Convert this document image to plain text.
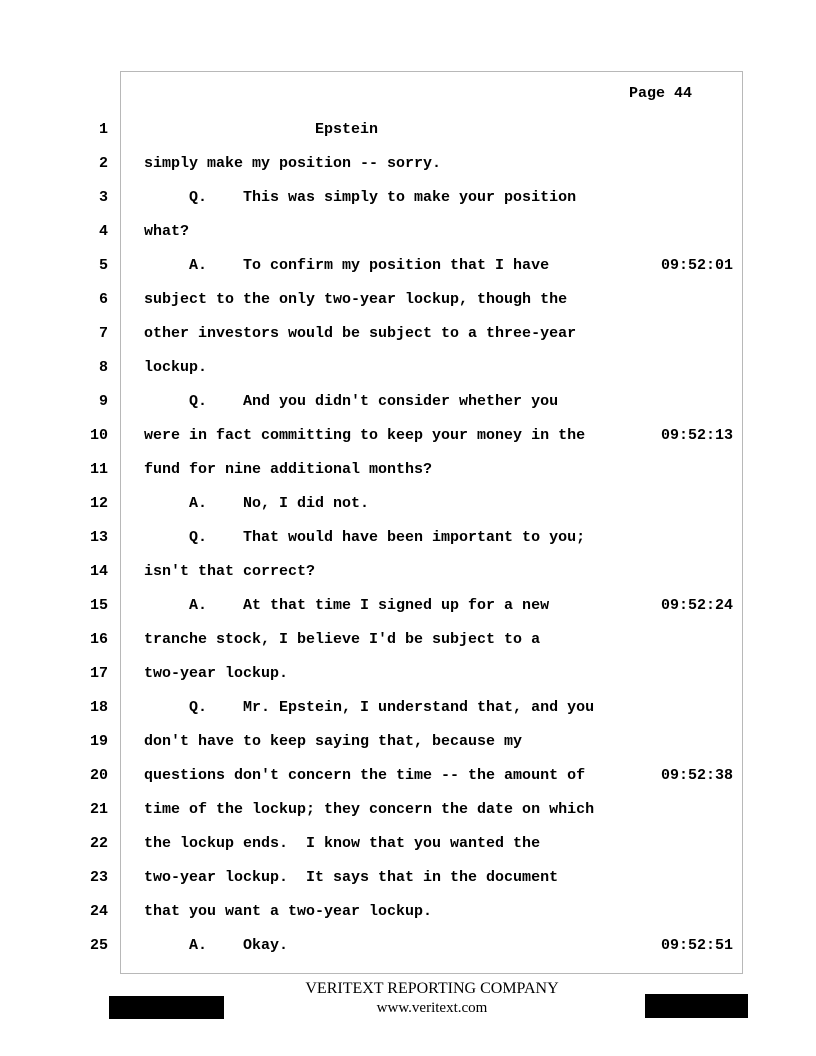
Page 44

1

Epstein

2

simply make my position -- sorry.

3

Q.    This was simply to make your position

4

what?

5

A.    To confirm my position that I have

	09:52:01

6

subject to the only two-year lockup, though the

7

other investors would be subject to a three-year

8

lockup.

9

Q.    And you didn't consider whether you

10

were in fact committing to keep your money in the

	09:52:13

11

fund for nine additional months?

12

A.    No, I did not.

13

Q.    That would have been important to you;

14

isn't that correct?

15

A.    At that time I signed up for a new

	09:52:24

16

tranche stock, I believe I'd be subject to a

17

two-year lockup.

18

Q.    Mr. Epstein, I understand that, and you

19

don't have to keep saying that, because my

20

questions don't concern the time -- the amount of

	09:52:38

21

time of the lockup; they concern the date on which

22

the lockup ends.  I know that you wanted the

23

two-year lockup.  It says that in the document

24

that you want a two-year lockup.

25

A.    Okay.

	09:52:51

VERITEXT REPORTING COMPANY
www.veritext.com
